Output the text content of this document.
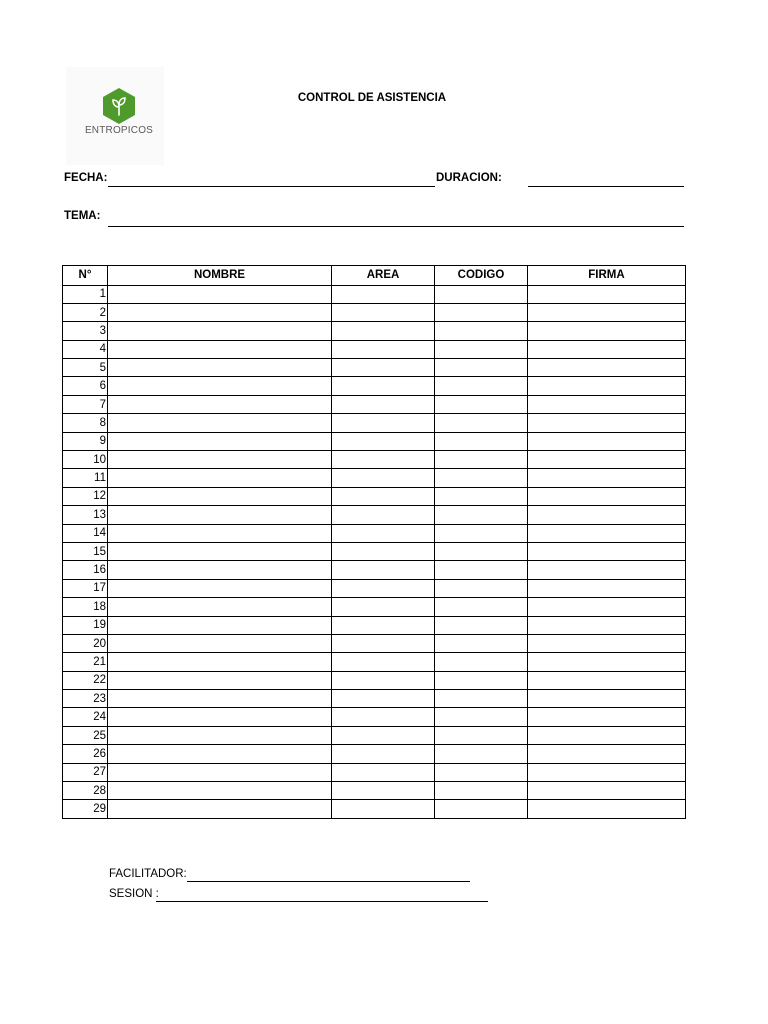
ENTROPICOS
CONTROL DE ASISTENCIA
FECHA:	DURACION:
TEMA:
N°	NOMBRE	AREA	CODIGO	FIRMA
1				
2				
3				
4				
5				
6				
7				
8				
9				
10				
11				
12				
13				
14				
15				
16				
17				
18				
19				
20				
21				
22				
23				
24				
25				
26				
27				
28				
29				
FACILITADOR:
SESION :
